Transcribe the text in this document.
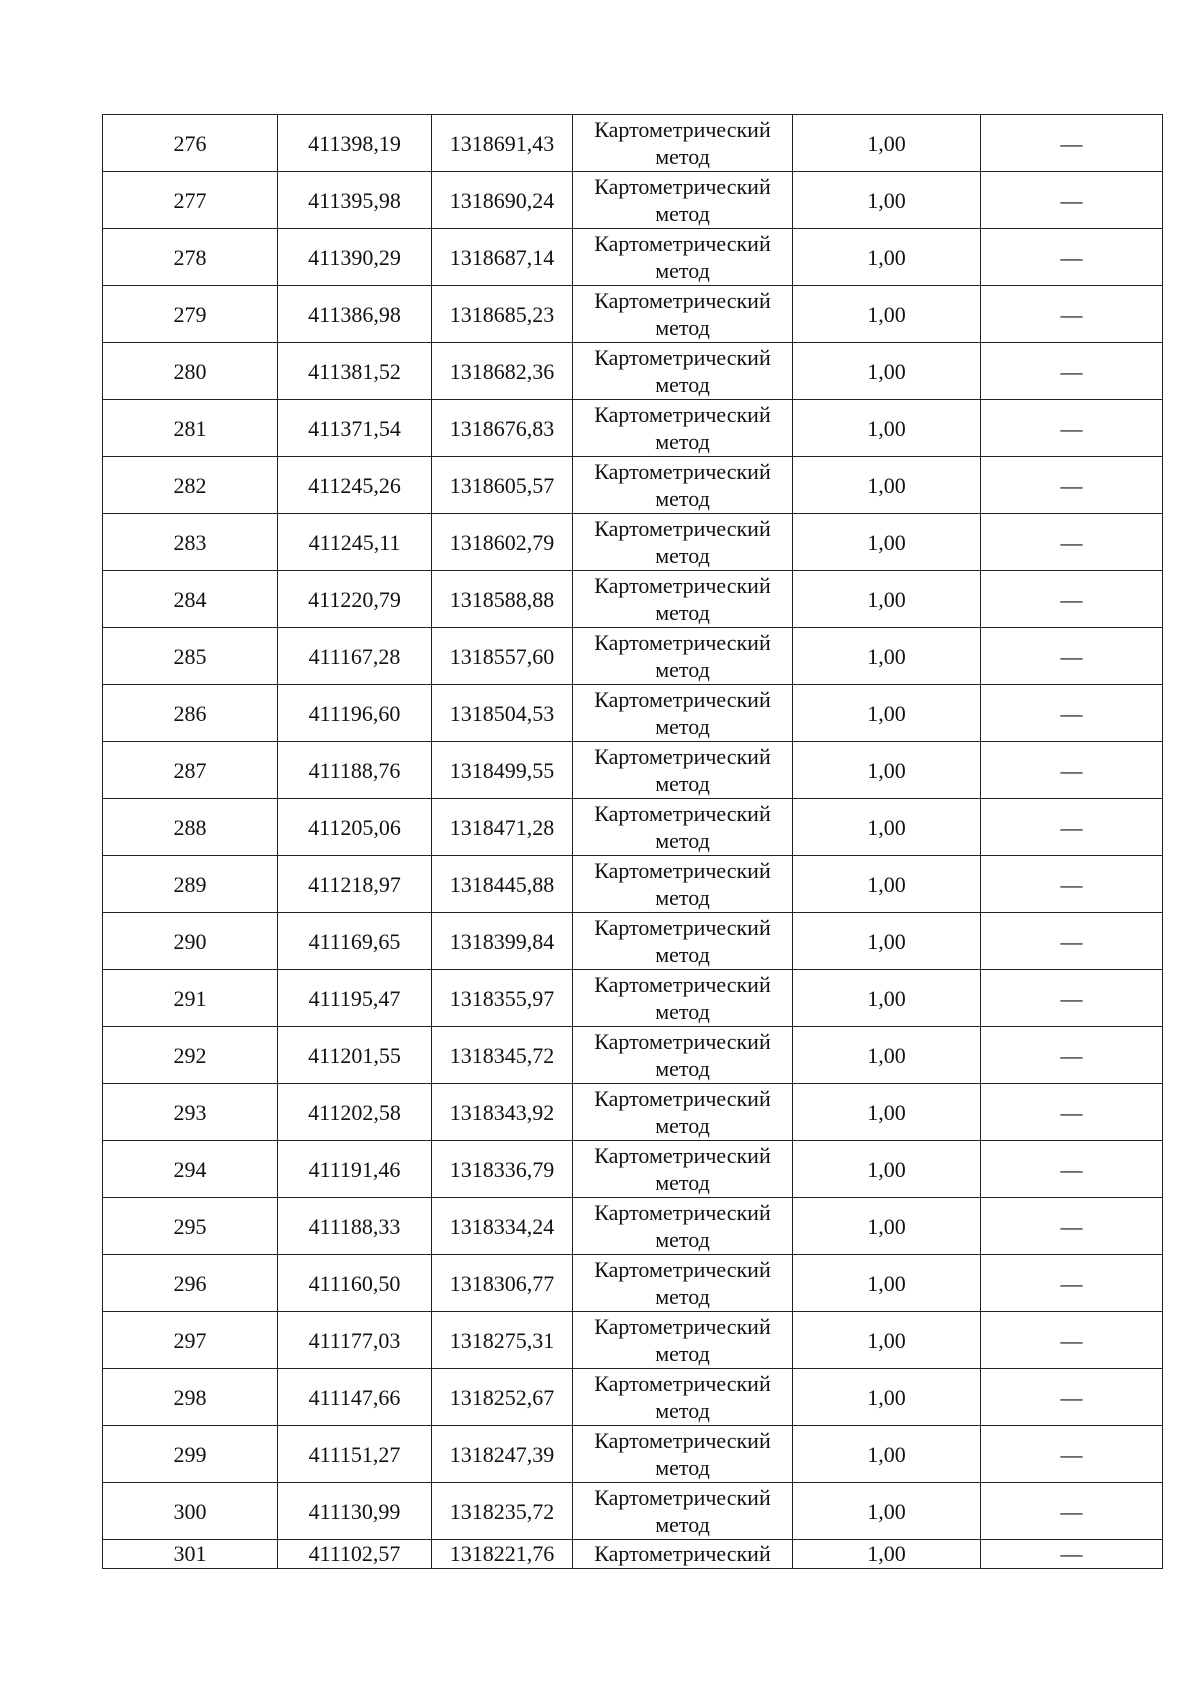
276	411398,19	1318691,43	Картометрический
метод	1,00	—
277	411395,98	1318690,24	Картометрический
метод	1,00	—
278	411390,29	1318687,14	Картометрический
метод	1,00	—
279	411386,98	1318685,23	Картометрический
метод	1,00	—
280	411381,52	1318682,36	Картометрический
метод	1,00	—
281	411371,54	1318676,83	Картометрический
метод	1,00	—
282	411245,26	1318605,57	Картометрический
метод	1,00	—
283	411245,11	1318602,79	Картометрический
метод	1,00	—
284	411220,79	1318588,88	Картометрический
метод	1,00	—
285	411167,28	1318557,60	Картометрический
метод	1,00	—
286	411196,60	1318504,53	Картометрический
метод	1,00	—
287	411188,76	1318499,55	Картометрический
метод	1,00	—
288	411205,06	1318471,28	Картометрический
метод	1,00	—
289	411218,97	1318445,88	Картометрический
метод	1,00	—
290	411169,65	1318399,84	Картометрический
метод	1,00	—
291	411195,47	1318355,97	Картометрический
метод	1,00	—
292	411201,55	1318345,72	Картометрический
метод	1,00	—
293	411202,58	1318343,92	Картометрический
метод	1,00	—
294	411191,46	1318336,79	Картометрический
метод	1,00	—
295	411188,33	1318334,24	Картометрический
метод	1,00	—
296	411160,50	1318306,77	Картометрический
метод	1,00	—
297	411177,03	1318275,31	Картометрический
метод	1,00	—
298	411147,66	1318252,67	Картометрический
метод	1,00	—
299	411151,27	1318247,39	Картометрический
метод	1,00	—
300	411130,99	1318235,72	Картометрический
метод	1,00	—
301	411102,57	1318221,76	Картометрический	1,00	—
